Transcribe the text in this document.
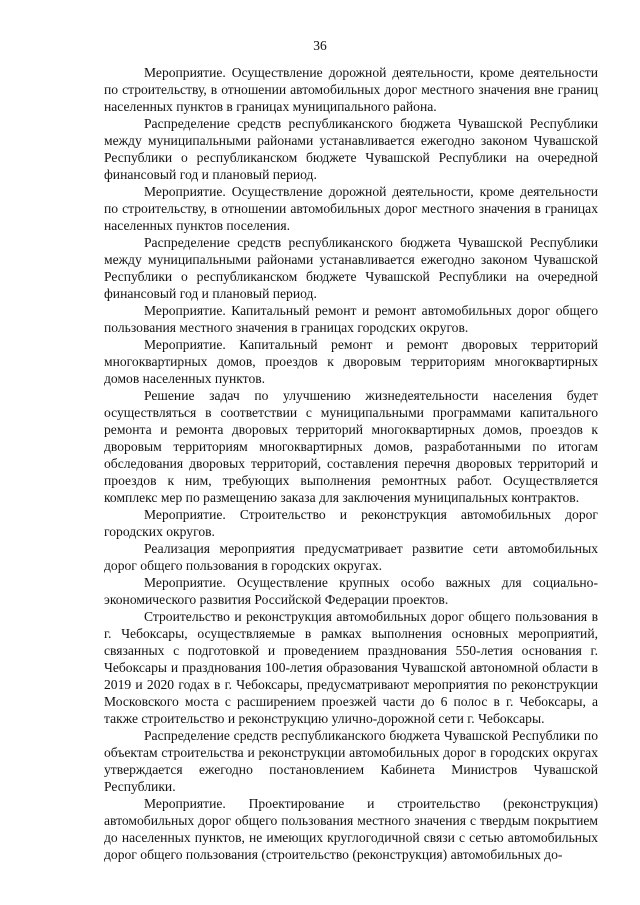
36

Мероприятие. Осуществление дорожной деятельности, кроме деятельности по строительству, в отношении автомобильных дорог местного значения вне границ населенных пунктов в границах муниципального района.

Распределение средств республиканского бюджета Чувашской Республики между муниципальными районами устанавливается ежегодно законом Чувашской Республики о республиканском бюджете Чувашской Республики на очередной финансовый год и плановый период.

Мероприятие. Осуществление дорожной деятельности, кроме деятельности по строительству, в отношении автомобильных дорог местного значения в границах населенных пунктов поселения.

Распределение средств республиканского бюджета Чувашской Республики между муниципальными районами устанавливается ежегодно законом Чувашской Республики о республиканском бюджете Чувашской Республики на очередной финансовый год и плановый период.

Мероприятие. Капитальный ремонт и ремонт автомобильных дорог общего пользования местного значения в границах городских округов.

Мероприятие. Капитальный ремонт и ремонт дворовых территорий многоквартирных домов, проездов к дворовым территориям многоквартирных домов населенных пунктов.

Решение задач по улучшению жизнедеятельности населения будет осуществляться в соответствии с муниципальными программами капитального ремонта и ремонта дворовых территорий многоквартирных домов, проездов к дворовым территориям многоквартирных домов, разработанными по итогам обследования дворовых территорий, составления перечня дворовых территорий и проездов к ним, требующих выполнения ремонтных работ. Осуществляется комплекс мер по размещению заказа для заключения муниципальных контрактов.

Мероприятие. Строительство и реконструкция автомобильных дорог городских округов.

Реализация мероприятия предусматривает развитие сети автомобильных дорог общего пользования в городских округах.

Мероприятие. Осуществление крупных особо важных для социально-экономического развития Российской Федерации проектов.

Строительство и реконструкция автомобильных дорог общего пользования в г. Чебоксары, осуществляемые в рамках выполнения основных мероприятий, связанных с подготовкой и проведением празднования 550-летия основания г. Чебоксары и празднования 100-летия образования Чувашской автономной области в 2019 и 2020 годах в г. Чебоксары, предусматривают мероприятия по реконструкции Московского моста с расширением проезжей части до 6 полос в г. Чебоксары, а также строительство и реконструкцию улично-дорожной сети г. Чебоксары.

Распределение средств республиканского бюджета Чувашской Республики по объектам строительства и реконструкции автомобильных дорог в городских округах утверждается ежегодно постановлением Кабинета Министров Чувашской Республики.

Мероприятие. Проектирование и строительство (реконструкция) автомобильных дорог общего пользования местного значения с твердым покрытием до населенных пунктов, не имеющих круглогодичной связи с сетью автомобильных дорог общего пользования (строительство (реконструкция) автомобильных до-
